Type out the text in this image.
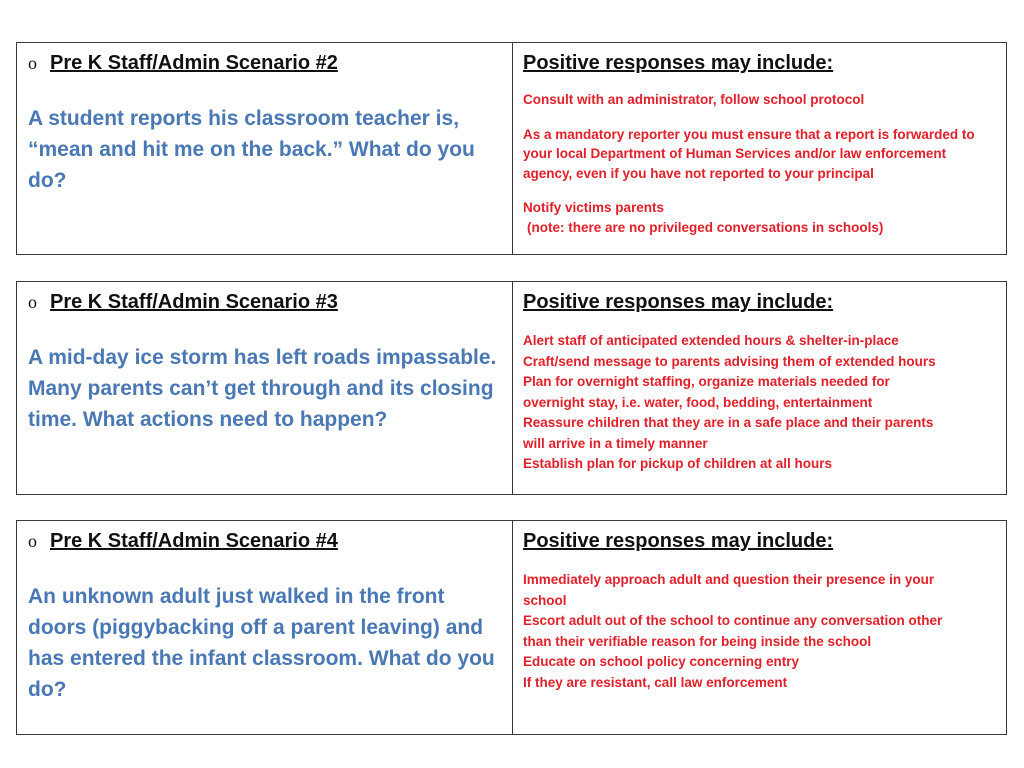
o Pre K Staff/Admin Scenario #2
A student reports his classroom teacher is, “mean and hit me on the back.” What do you do?
Positive responses may include:
Consult with an administrator, follow school protocol
As a mandatory reporter you must ensure that a report is forwarded to
your local Department of Human Services and/or law enforcement
agency, even if you have not reported to your principal
Notify victims parents
(note: there are no privileged conversations in schools)
o Pre K Staff/Admin Scenario #3
A mid-day ice storm has left roads impassable. Many parents can’t get through and its closing time. What actions need to happen?
Positive responses may include:
Alert staff of anticipated extended hours & shelter-in-place
Craft/send message to parents advising them of extended hours
Plan for overnight staffing, organize materials needed for
overnight stay, i.e. water, food, bedding, entertainment
Reassure children that they are in a safe place and their parents
will arrive in a timely manner
Establish plan for pickup of children at all hours
o Pre K Staff/Admin Scenario #4
An unknown adult just walked in the front doors (piggybacking off a parent leaving) and has entered the infant classroom. What do you do?
Positive responses may include:
Immediately approach adult and question their presence in your
school
Escort adult out of the school to continue any conversation other
than their verifiable reason for being inside the school
Educate on school policy concerning entry
If they are resistant, call law enforcement
